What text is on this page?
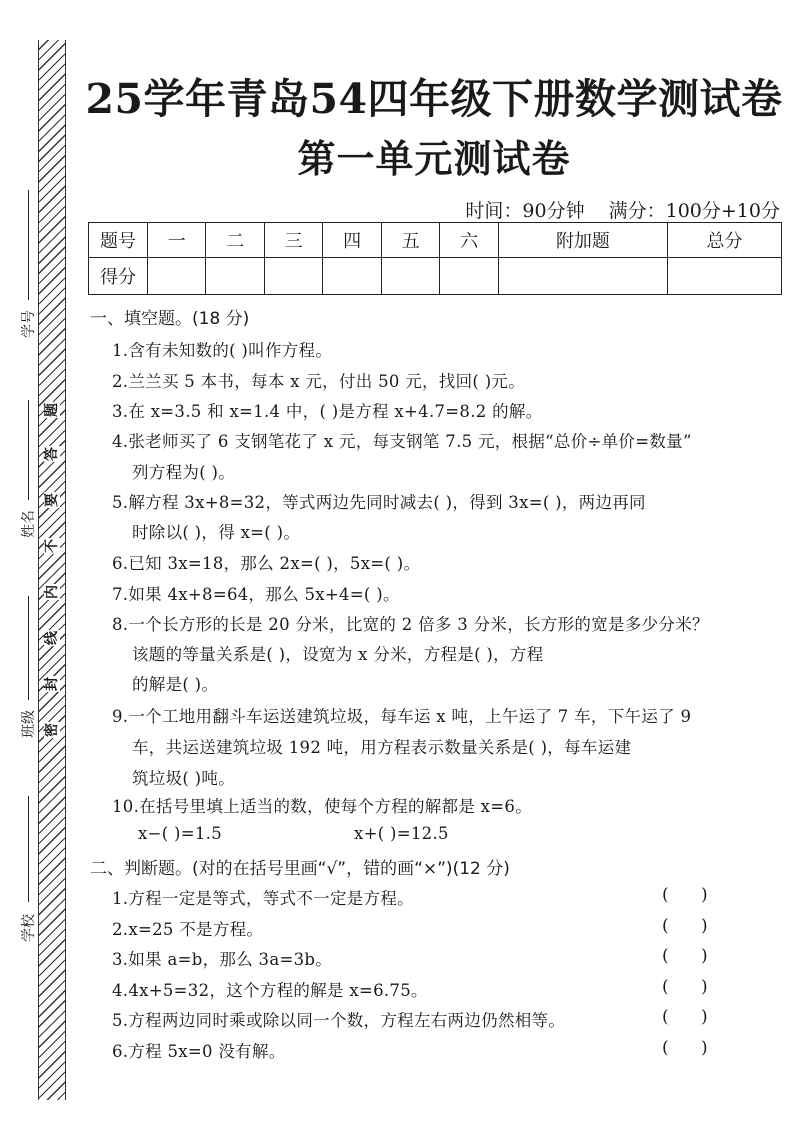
题
答
要
不
内
线
封
密
学号
姓名
班级
学校
25学年青岛54四年级下册数学测试卷
第一单元测试卷
时间：90分钟 满分：100分+10分
题号	一	二	三	四	五	六	附加题	总分
得分								
一、填空题。(18 分)
1.含有未知数的( )叫作方程。
2.兰兰买 5 本书，每本 x 元，付出 50 元，找回( )元。
3.在 x=3.5 和 x=1.4 中，( )是方程 x+4.7=8.2 的解。
4.张老师买了 6 支钢笔花了 x 元，每支钢笔 7.5 元，根据“总价÷单价=数量”
列方程为( )。
5.解方程 3x+8=32，等式两边先同时减去( )，得到 3x=( )，两边再同
时除以( )，得 x=( )。
6.已知 3x=18，那么 2x=( )，5x=( )。
7.如果 4x+8=64，那么 5x+4=( )。
8.一个长方形的长是 20 分米，比宽的 2 倍多 3 分米，长方形的宽是多少分米？
该题的等量关系是( )，设宽为 x 分米，方程是( )，方程
的解是( )。
9.一个工地用翻斗车运送建筑垃圾，每车运 x 吨，上午运了 7 车，下午运了 9
车，共运送建筑垃圾 192 吨，用方程表示数量关系是( )，每车运建
筑垃圾( )吨。
10.在括号里填上适当的数，使每个方程的解都是 x=6。
x−( )=1.5	x+( )=12.5
二、判断题。(对的在括号里画“√”，错的画“×”)(12 分)
1.方程一定是等式，等式不一定是方程。	(      )
2.x=25 不是方程。	(      )
3.如果 a=b，那么 3a=3b。	(      )
4.4x+5=32，这个方程的解是 x=6.75。	(      )
5.方程两边同时乘或除以同一个数，方程左右两边仍然相等。	(      )
6.方程 5x=0 没有解。	(      )
